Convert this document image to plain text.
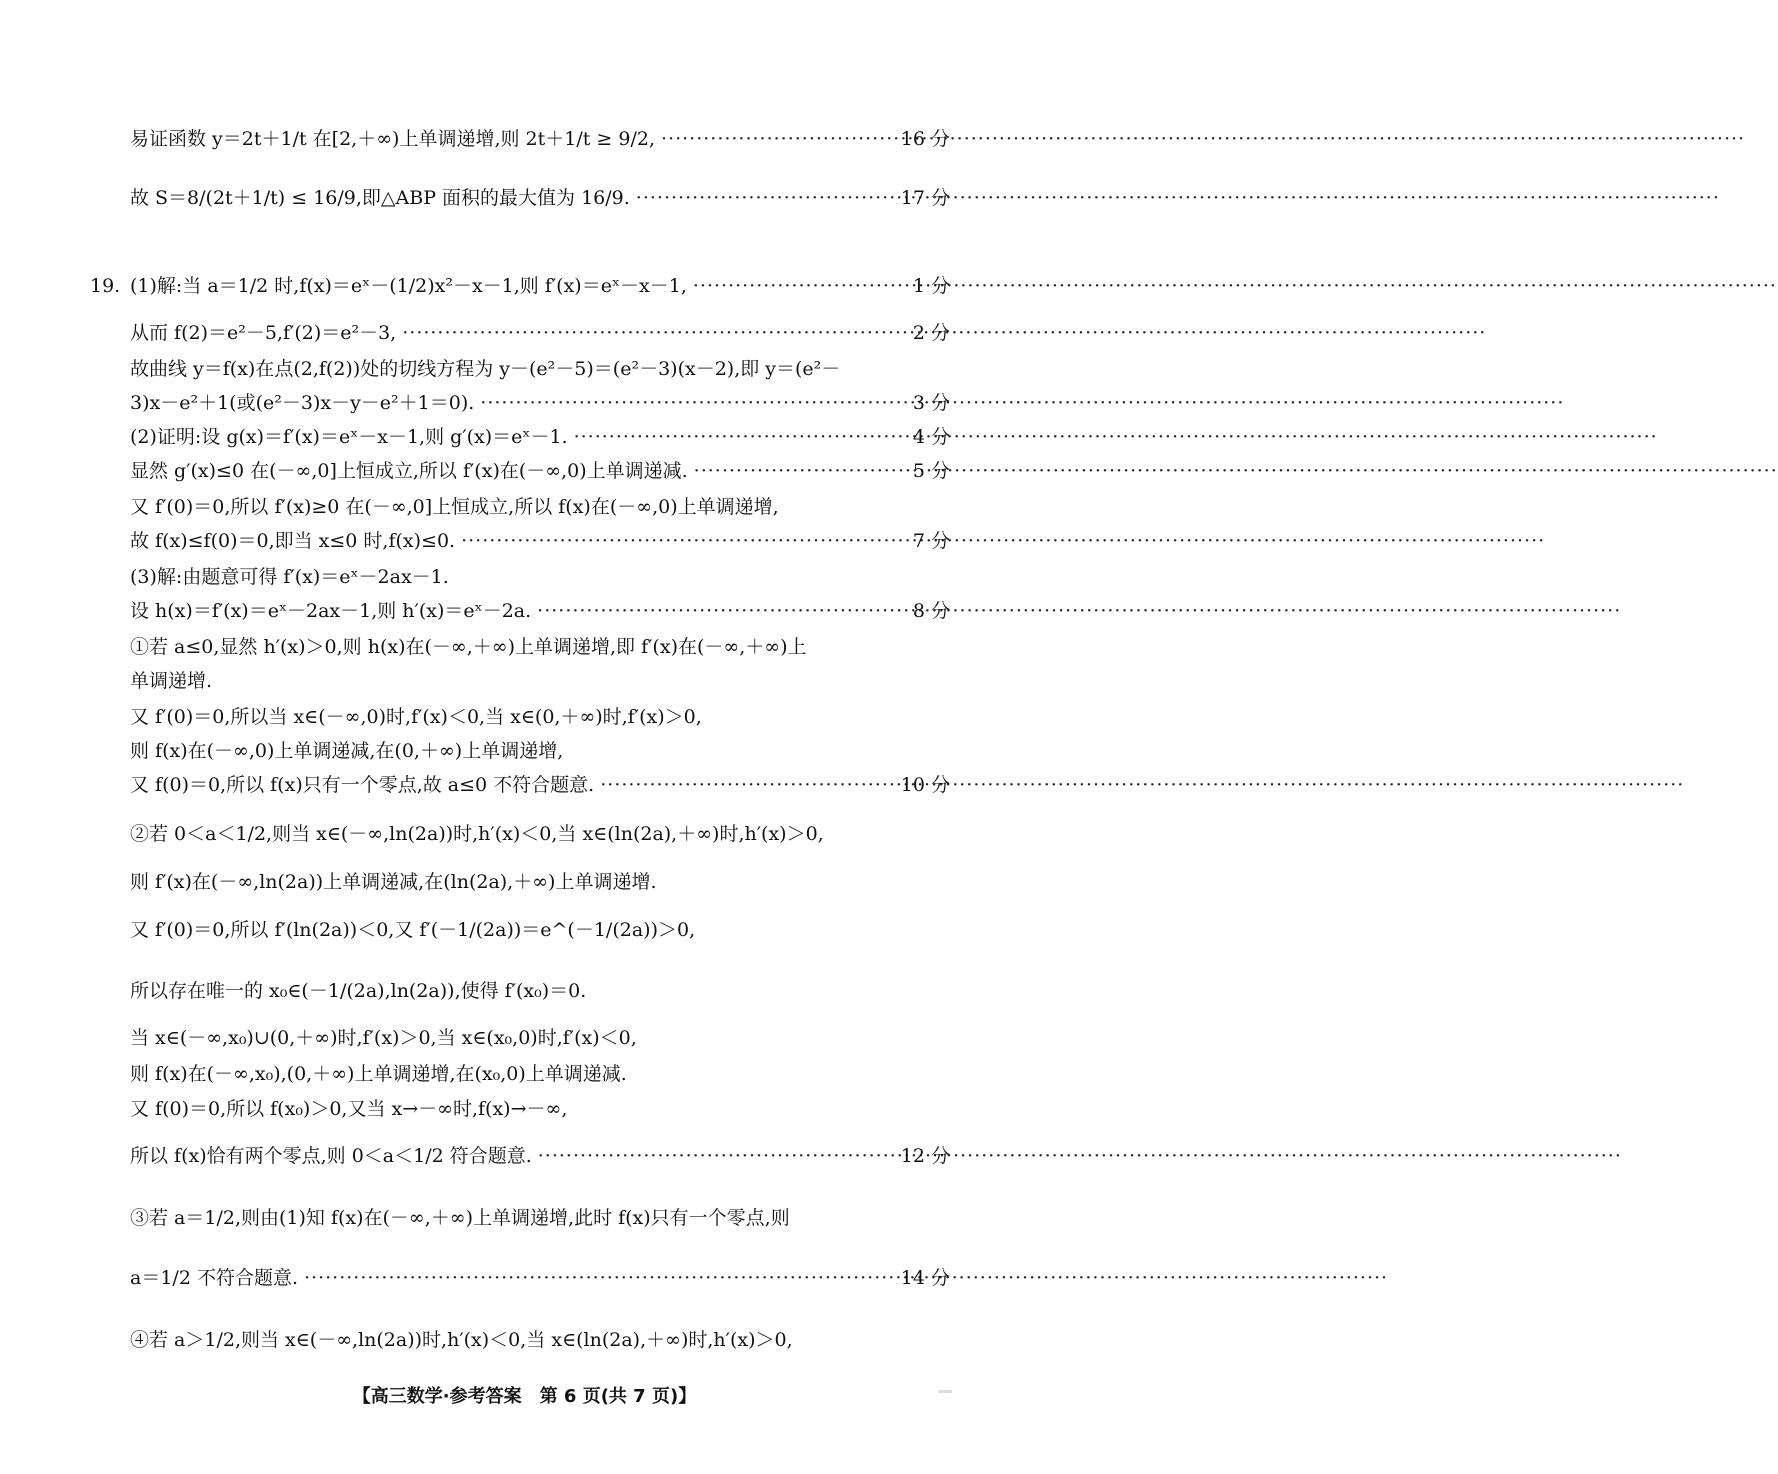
19.
易证函数 y＝2t＋1/t 在[2,＋∞)上单调递增,则 2t＋1/t ≥ 9/2, ·····	16 分
故 S＝8/(2t＋1/t) ≤ 16/9,即△ABP 面积的最大值为 16/9. ·····	17 分
(1)解:当 a＝1/2 时,f(x)＝eˣ－(1/2)x²－x－1,则 f′(x)＝eˣ－x－1, ·····	1 分
从而 f(2)＝e²－5,f′(2)＝e²－3, ·····	2 分
故曲线 y＝f(x)在点(2,f(2))处的切线方程为 y－(e²－5)＝(e²－3)(x－2),即 y＝(e²－
3)x－e²＋1(或(e²－3)x－y－e²＋1＝0). ·····	3 分
(2)证明:设 g(x)＝f′(x)＝eˣ－x－1,则 g′(x)＝eˣ－1. ·····	4 分
显然 g′(x)≤0 在(－∞,0]上恒成立,所以 f′(x)在(－∞,0)上单调递减. ·····	5 分
又 f′(0)＝0,所以 f′(x)≥0 在(－∞,0]上恒成立,所以 f(x)在(－∞,0)上单调递增,
故 f(x)≤f(0)＝0,即当 x≤0 时,f(x)≤0. ·····	7 分
(3)解:由题意可得 f′(x)＝eˣ－2ax－1.
设 h(x)＝f′(x)＝eˣ－2ax－1,则 h′(x)＝eˣ－2a. ·····	8 分
①若 a≤0,显然 h′(x)＞0,则 h(x)在(－∞,＋∞)上单调递增,即 f′(x)在(－∞,＋∞)上
单调递增.
又 f′(0)＝0,所以当 x∈(－∞,0)时,f′(x)＜0,当 x∈(0,＋∞)时,f′(x)＞0,
则 f(x)在(－∞,0)上单调递减,在(0,＋∞)上单调递增,
又 f(0)＝0,所以 f(x)只有一个零点,故 a≤0 不符合题意. ·····	10 分
②若 0＜a＜1/2,则当 x∈(－∞,ln(2a))时,h′(x)＜0,当 x∈(ln(2a),＋∞)时,h′(x)＞0,
则 f′(x)在(－∞,ln(2a))上单调递减,在(ln(2a),＋∞)上单调递增.
又 f′(0)＝0,所以 f′(ln(2a))＜0,又 f′(－1/(2a))＝e^(－1/(2a))＞0,
所以存在唯一的 x₀∈(－1/(2a),ln(2a)),使得 f′(x₀)＝0.
当 x∈(－∞,x₀)∪(0,＋∞)时,f′(x)＞0,当 x∈(x₀,0)时,f′(x)＜0,
则 f(x)在(－∞,x₀),(0,＋∞)上单调递增,在(x₀,0)上单调递减.
又 f(0)＝0,所以 f(x₀)＞0,又当 x→－∞时,f(x)→－∞,
所以 f(x)恰有两个零点,则 0＜a＜1/2 符合题意. ·····	12 分
③若 a＝1/2,则由(1)知 f(x)在(－∞,＋∞)上单调递增,此时 f(x)只有一个零点,则
a＝1/2 不符合题意. ·····	14 分
④若 a＞1/2,则当 x∈(－∞,ln(2a))时,h′(x)＜0,当 x∈(ln(2a),＋∞)时,h′(x)＞0,
【高三数学·参考答案　第 6 页(共 7 页)】
